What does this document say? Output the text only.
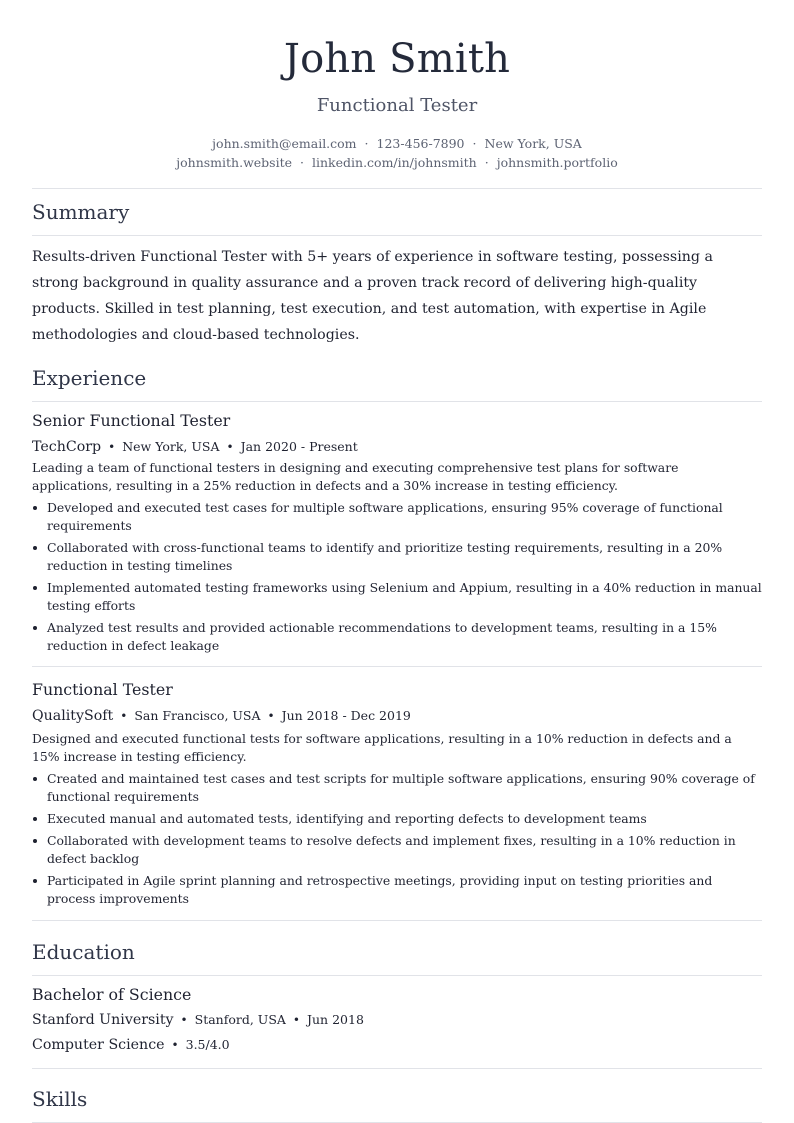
John Smith
Functional Tester
john.smith@email.com · 123-456-7890 · New York, USA
johnsmith.website · linkedin.com/in/johnsmith · johnsmith.portfolio
Summary
Results-driven Functional Tester with 5+ years of experience in software testing, possessing a strong background in quality assurance and a proven track record of delivering high-quality products. Skilled in test planning, test execution, and test automation, with expertise in Agile methodologies and cloud-based technologies.
Experience
Senior Functional Tester
TechCorp • New York, USA • Jan 2020 - Present
Leading a team of functional testers in designing and executing comprehensive test plans for software applications, resulting in a 25% reduction in defects and a 30% increase in testing efficiency.
Developed and executed test cases for multiple software applications, ensuring 95% coverage of functional requirements
Collaborated with cross-functional teams to identify and prioritize testing requirements, resulting in a 20% reduction in testing timelines
Implemented automated testing frameworks using Selenium and Appium, resulting in a 40% reduction in manual testing efforts
Analyzed test results and provided actionable recommendations to development teams, resulting in a 15% reduction in defect leakage
Functional Tester
QualitySoft • San Francisco, USA • Jun 2018 - Dec 2019
Designed and executed functional tests for software applications, resulting in a 10% reduction in defects and a 15% increase in testing efficiency.
Created and maintained test cases and test scripts for multiple software applications, ensuring 90% coverage of functional requirements
Executed manual and automated tests, identifying and reporting defects to development teams
Collaborated with development teams to resolve defects and implement fixes, resulting in a 10% reduction in defect backlog
Participated in Agile sprint planning and retrospective meetings, providing input on testing priorities and process improvements
Education
Bachelor of Science
Stanford University • Stanford, USA • Jun 2018
Computer Science • 3.5/4.0
Skills
